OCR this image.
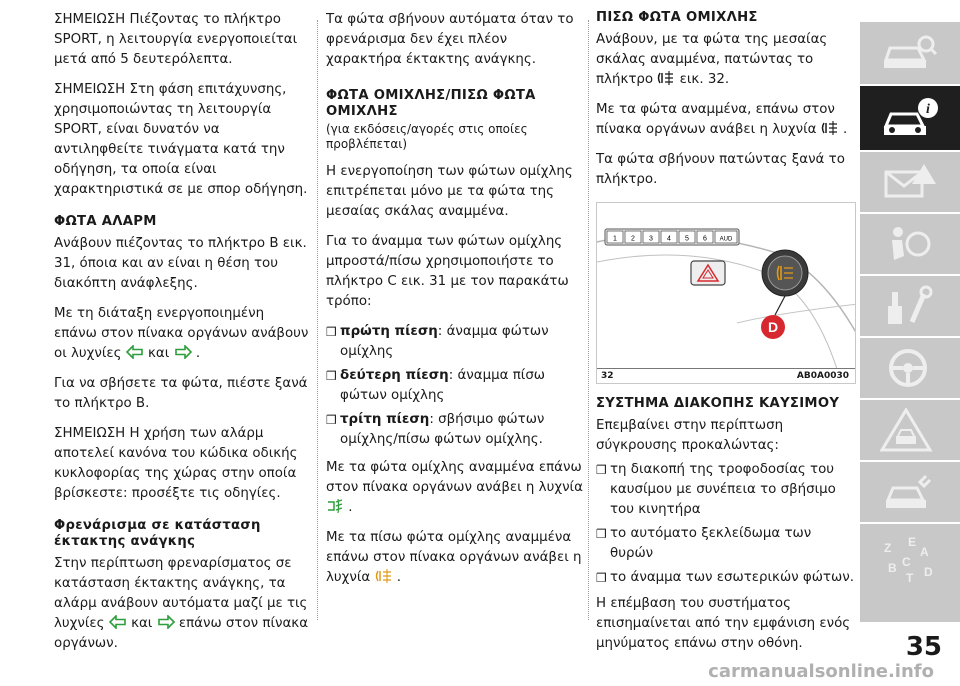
ΣΗΜΕΙΩΣΗ Πιέζοντας το πλήκτρο SPORT, η λειτουργία ενεργοποιείται μετά από 5 δευτερόλεπτα.

ΣΗΜΕΙΩΣΗ Στη φάση επιτάχυνσης, χρησιμοποιώντας τη λειτουργία SPORT, είναι δυνατόν να αντιληφθείτε τινάγματα κατά την οδήγηση, τα οποία είναι χαρακτηριστικά σε με σπορ οδήγηση.

ΦΩΤΑ ΑΛΑΡΜ

Ανάβουν πιέζοντας το πλήκτρο B εικ. 31, όποια και αν είναι η θέση του διακόπτη ανάφλεξης.

Με τη διάταξη ενεργοποιημένη επάνω στον πίνακα οργάνων ανάβουν οι λυχνίες και .

Για να σβήσετε τα φώτα, πιέστε ξανά το πλήκτρο B.

ΣΗΜΕΙΩΣΗ Η χρήση των αλάρμ αποτελεί κανόνα του κώδικα οδικής κυκλοφορίας της χώρας στην οποία βρίσκεστε: προσέξτε τις οδηγίες.

Φρενάρισμα σε κατάσταση έκτακτης ανάγκης

Στην περίπτωση φρεναρίσματος σε κατάσταση έκτακτης ανάγκης, τα αλάρμ ανάβουν αυτόματα μαζί με τις λυχνίες και επάνω στον πίνακα οργάνων.

Τα φώτα σβήνουν αυτόματα όταν το φρενάρισμα δεν έχει πλέον χαρακτήρα έκτακτης ανάγκης.

ΦΩΤΑ ΟΜΙΧΛΗΣ/ΠΙΣΩ ΦΩΤΑ ΟΜΙΧΛΗΣ
(για εκδόσεις/αγορές στις οποίες προβλέπεται)

Η ενεργοποίηση των φώτων ομίχλης επιτρέπεται μόνο με τα φώτα της μεσαίας σκάλας αναμμένα.

Για το άναμμα των φώτων ομίχλης μπροστά/πίσω χρησιμοποιήστε το πλήκτρο C εικ. 31 με τον παρακάτω τρόπο:

❒ πρώτη πίεση: άναμμα φώτων ομίχλης
❒ δεύτερη πίεση: άναμμα πίσω φώτων ομίχλης
❒ τρίτη πίεση: σβήσιμο φώτων ομίχλης/πίσω φώτων ομίχλης.

Με τα φώτα ομίχλης αναμμένα επάνω στον πίνακα οργάνων ανάβει η λυχνία
.

Με τα πίσω φώτα ομίχλης αναμμένα επάνω στον πίνακα οργάνων ανάβει η λυχνία .

ΠΙΣΩ ΦΩΤΑ ΟΜΙΧΛΗΣ

Ανάβουν, με τα φώτα της μεσαίας σκάλας αναμμένα, πατώντας το πλήκτρο εικ. 32.

Με τα φώτα αναμμένα, επάνω στον πίνακα οργάνων ανάβει η λυχνία .

Τα φώτα σβήνουν πατώντας ξανά το πλήκτρο.

1 2 3 4 5 6 AUD
D
32	AB0A0030
ΣΥΣΤΗΜΑ ΔΙΑΚΟΠΗΣ ΚΑΥΣΙΜΟΥ

Επεμβαίνει στην περίπτωση σύγκρουσης προκαλώντας:

❒ τη διακοπή της τροφοδοσίας του καυσίμου με συνέπεια το σβήσιμο του κινητήρα
❒ το αυτόματο ξεκλείδωμα των θυρών
❒ το άναμμα των εσωτερικών φώτων.

Η επέμβαση του συστήματος επισημαίνεται από την εμφάνιση ενός μηνύματος επάνω στην οθόνη.

i
Z E
A
B C
T D
35
carmanualsonline.info
